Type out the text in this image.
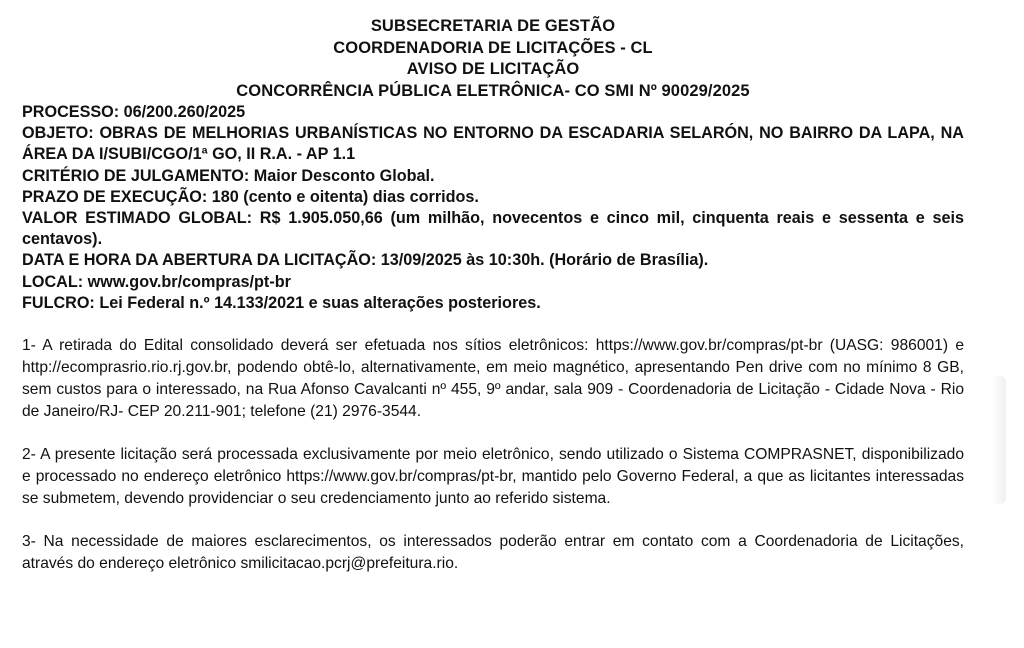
SUBSECRETARIA DE GESTÃO

COORDENADORIA DE LICITAÇÕES - CL

AVISO DE LICITAÇÃO

CONCORRÊNCIA PÚBLICA ELETRÔNICA- CO SMI Nº 90029/2025

PROCESSO: 06/200.260/2025

OBJETO: OBRAS DE MELHORIAS URBANÍSTICAS NO ENTORNO DA ESCADARIA SELARÓN, NO BAIRRO DA LAPA, NA ÁREA DA I/SUBI/CGO/1ª GO, II R.A. - AP 1.1

CRITÉRIO DE JULGAMENTO: Maior Desconto Global.

PRAZO DE EXECUÇÃO: 180 (cento e oitenta) dias corridos.

VALOR ESTIMADO GLOBAL: R$ 1.905.050,66 (um milhão, novecentos e cinco mil, cinquenta reais e sessenta e seis centavos).

DATA E HORA DA ABERTURA DA LICITAÇÃO: 13/09/2025 às 10:30h. (Horário de Brasília).

LOCAL: www.gov.br/compras/pt-br

FULCRO: Lei Federal n.º 14.133/2021 e suas alterações posteriores.

1- A retirada do Edital consolidado deverá ser efetuada nos sítios eletrônicos: https://www.gov.br/compras/pt-br (UASG: 986001) e http://ecomprasrio.rio.rj.gov.br, podendo obtê-lo, alternativamente, em meio magnético, apresentando Pen drive com no mínimo 8 GB, sem custos para o interessado, na Rua Afonso Cavalcanti nº 455, 9º andar, sala 909 - Coordenadoria de Licitação - Cidade Nova - Rio de Janeiro/RJ- CEP 20.211-901; telefone (21) 2976-3544.

2- A presente licitação será processada exclusivamente por meio eletrônico, sendo utilizado o Sistema COMPRASNET, disponibilizado e processado no endereço eletrônico https://www.gov.br/compras/pt-br, mantido pelo Governo Federal, a que as licitantes interessadas se submetem, devendo providenciar o seu credenciamento junto ao referido sistema.

3- Na necessidade de maiores esclarecimentos, os interessados poderão entrar em contato com a Coordenadoria de Licitações, através do endereço eletrônico smilicitacao.pcrj@prefeitura.rio.
